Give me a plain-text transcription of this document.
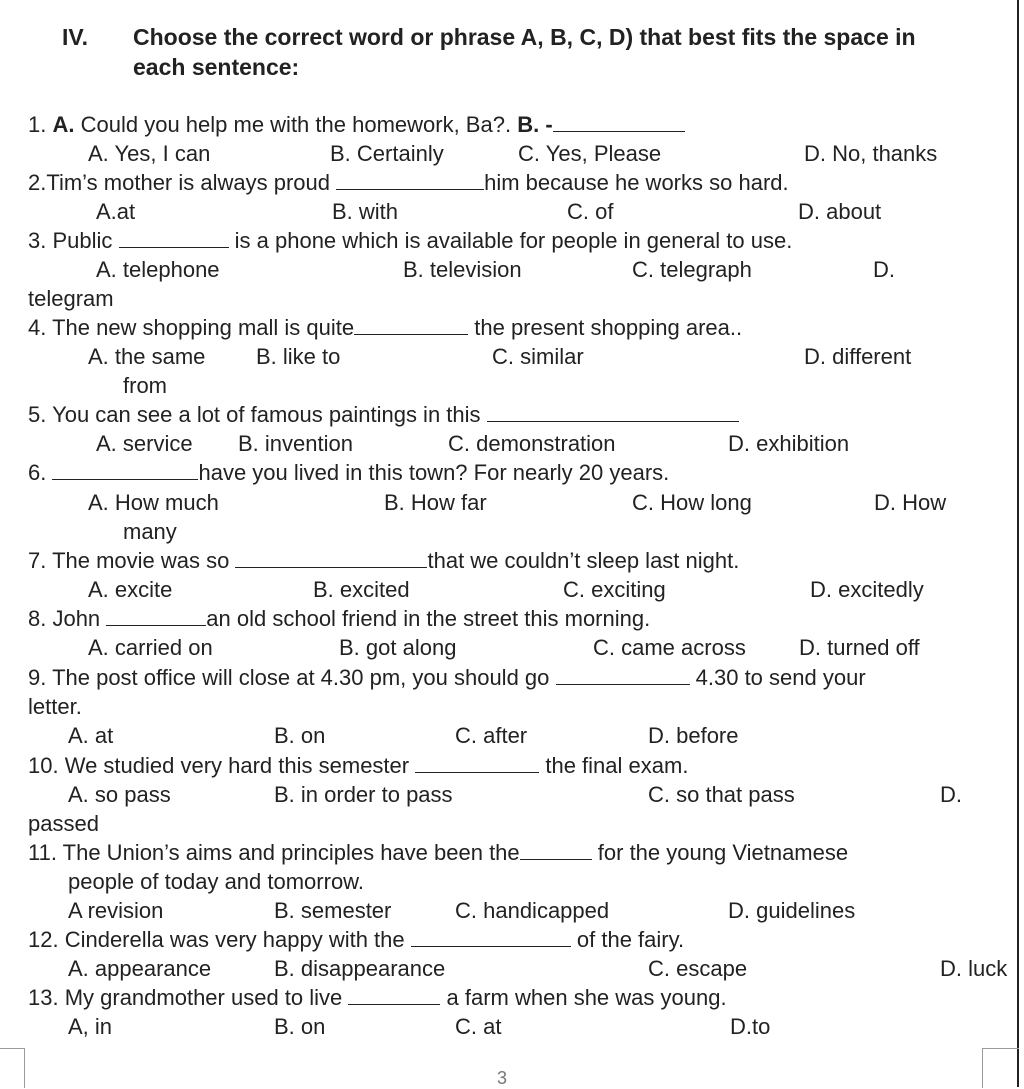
IV. Choose the correct word or phrase A, B, C, D) that best fits the space in
each sentence:
1. A. Could you help me with the homework, Ba?. B. -
A. Yes, I can	B. Certainly	C. Yes, Please	D. No, thanks
2.Tim’s mother is always proud	him because he works so hard.
A.at	B. with	C. of	D. about
3. Public	is a phone which is available for people in general to use.
A. telephone	B. television	C. telegraph	D.
telegram
4. The new shopping mall is quite	the present shopping area..
A. the same B. like to	C. similar	D. different
from
5. You can see a lot of famous paintings in this
A. service B. invention	C. demonstration	D. exhibition
6.	have you lived in this town? For nearly 20 years.
A. How much	B. How far	C. How long	D. How
many
7. The movie was so	that we couldn’t sleep last night.
A. excite	B. excited	C. exciting	D. excitedly
8. John	an old school friend in the street this morning.
A. carried on	B. got along	C. came across D. turned off
9. The post office will close at 4.30 pm, you should go	4.30 to send your
letter.
A. at	B. on	C. after	D. before
10. We studied very hard this semester	the final exam.
A. so pass	B. in order to pass	C. so that pass	D.
passed
11. The Union’s aims and principles have been the	for the young Vietnamese
people of today and tomorrow.
A revision	B. semester	C. handicapped	D. guidelines
12. Cinderella was very happy with the	of the fairy.
A. appearance	B. disappearance	C. escape	D. luck
13. My grandmother used to live	a farm when she was young.
A, in	B. on	C. at	D.to
3
